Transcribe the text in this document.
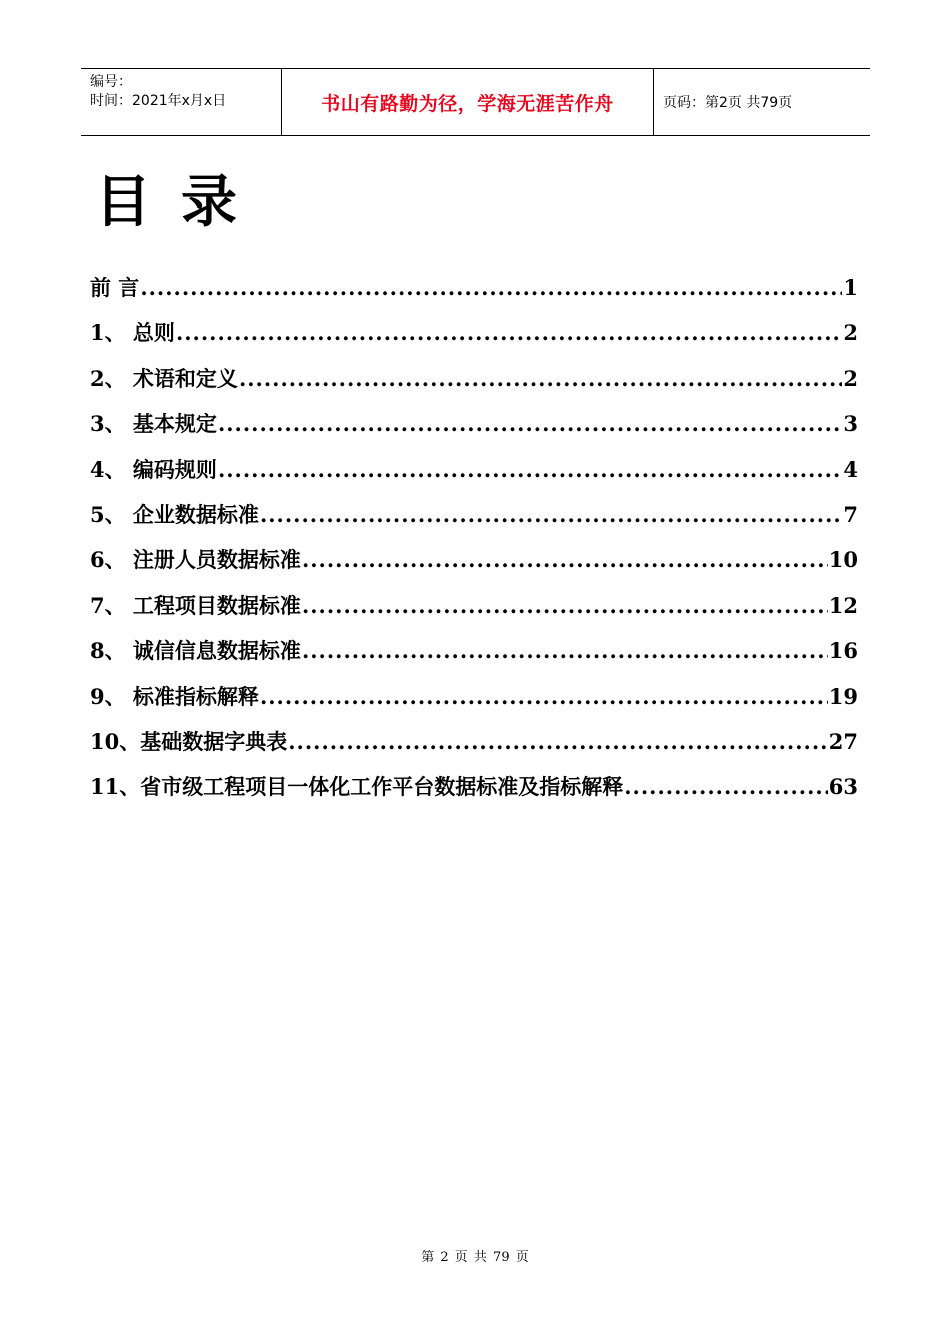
编号：
时间：2021年x月x日	书山有路勤为径，学海无涯苦作舟	页码：第2页 共79页
目录
前 言 .....	1
1、 总则 .....	2
2、 术语和定义 .....	2
3、 基本规定 .....	3
4、 编码规则 .....	4
5、 企业数据标准 .....	7
6、 注册人员数据标准 .....	10
7、 工程项目数据标准 .....	12
8、 诚信信息数据标准 .....	16
9、 标准指标解释 .....	19
10、基础数据字典表 .....	27
11、省市级工程项目一体化工作平台数据标准及指标解释 .....	63
第 2 页 共 79 页
